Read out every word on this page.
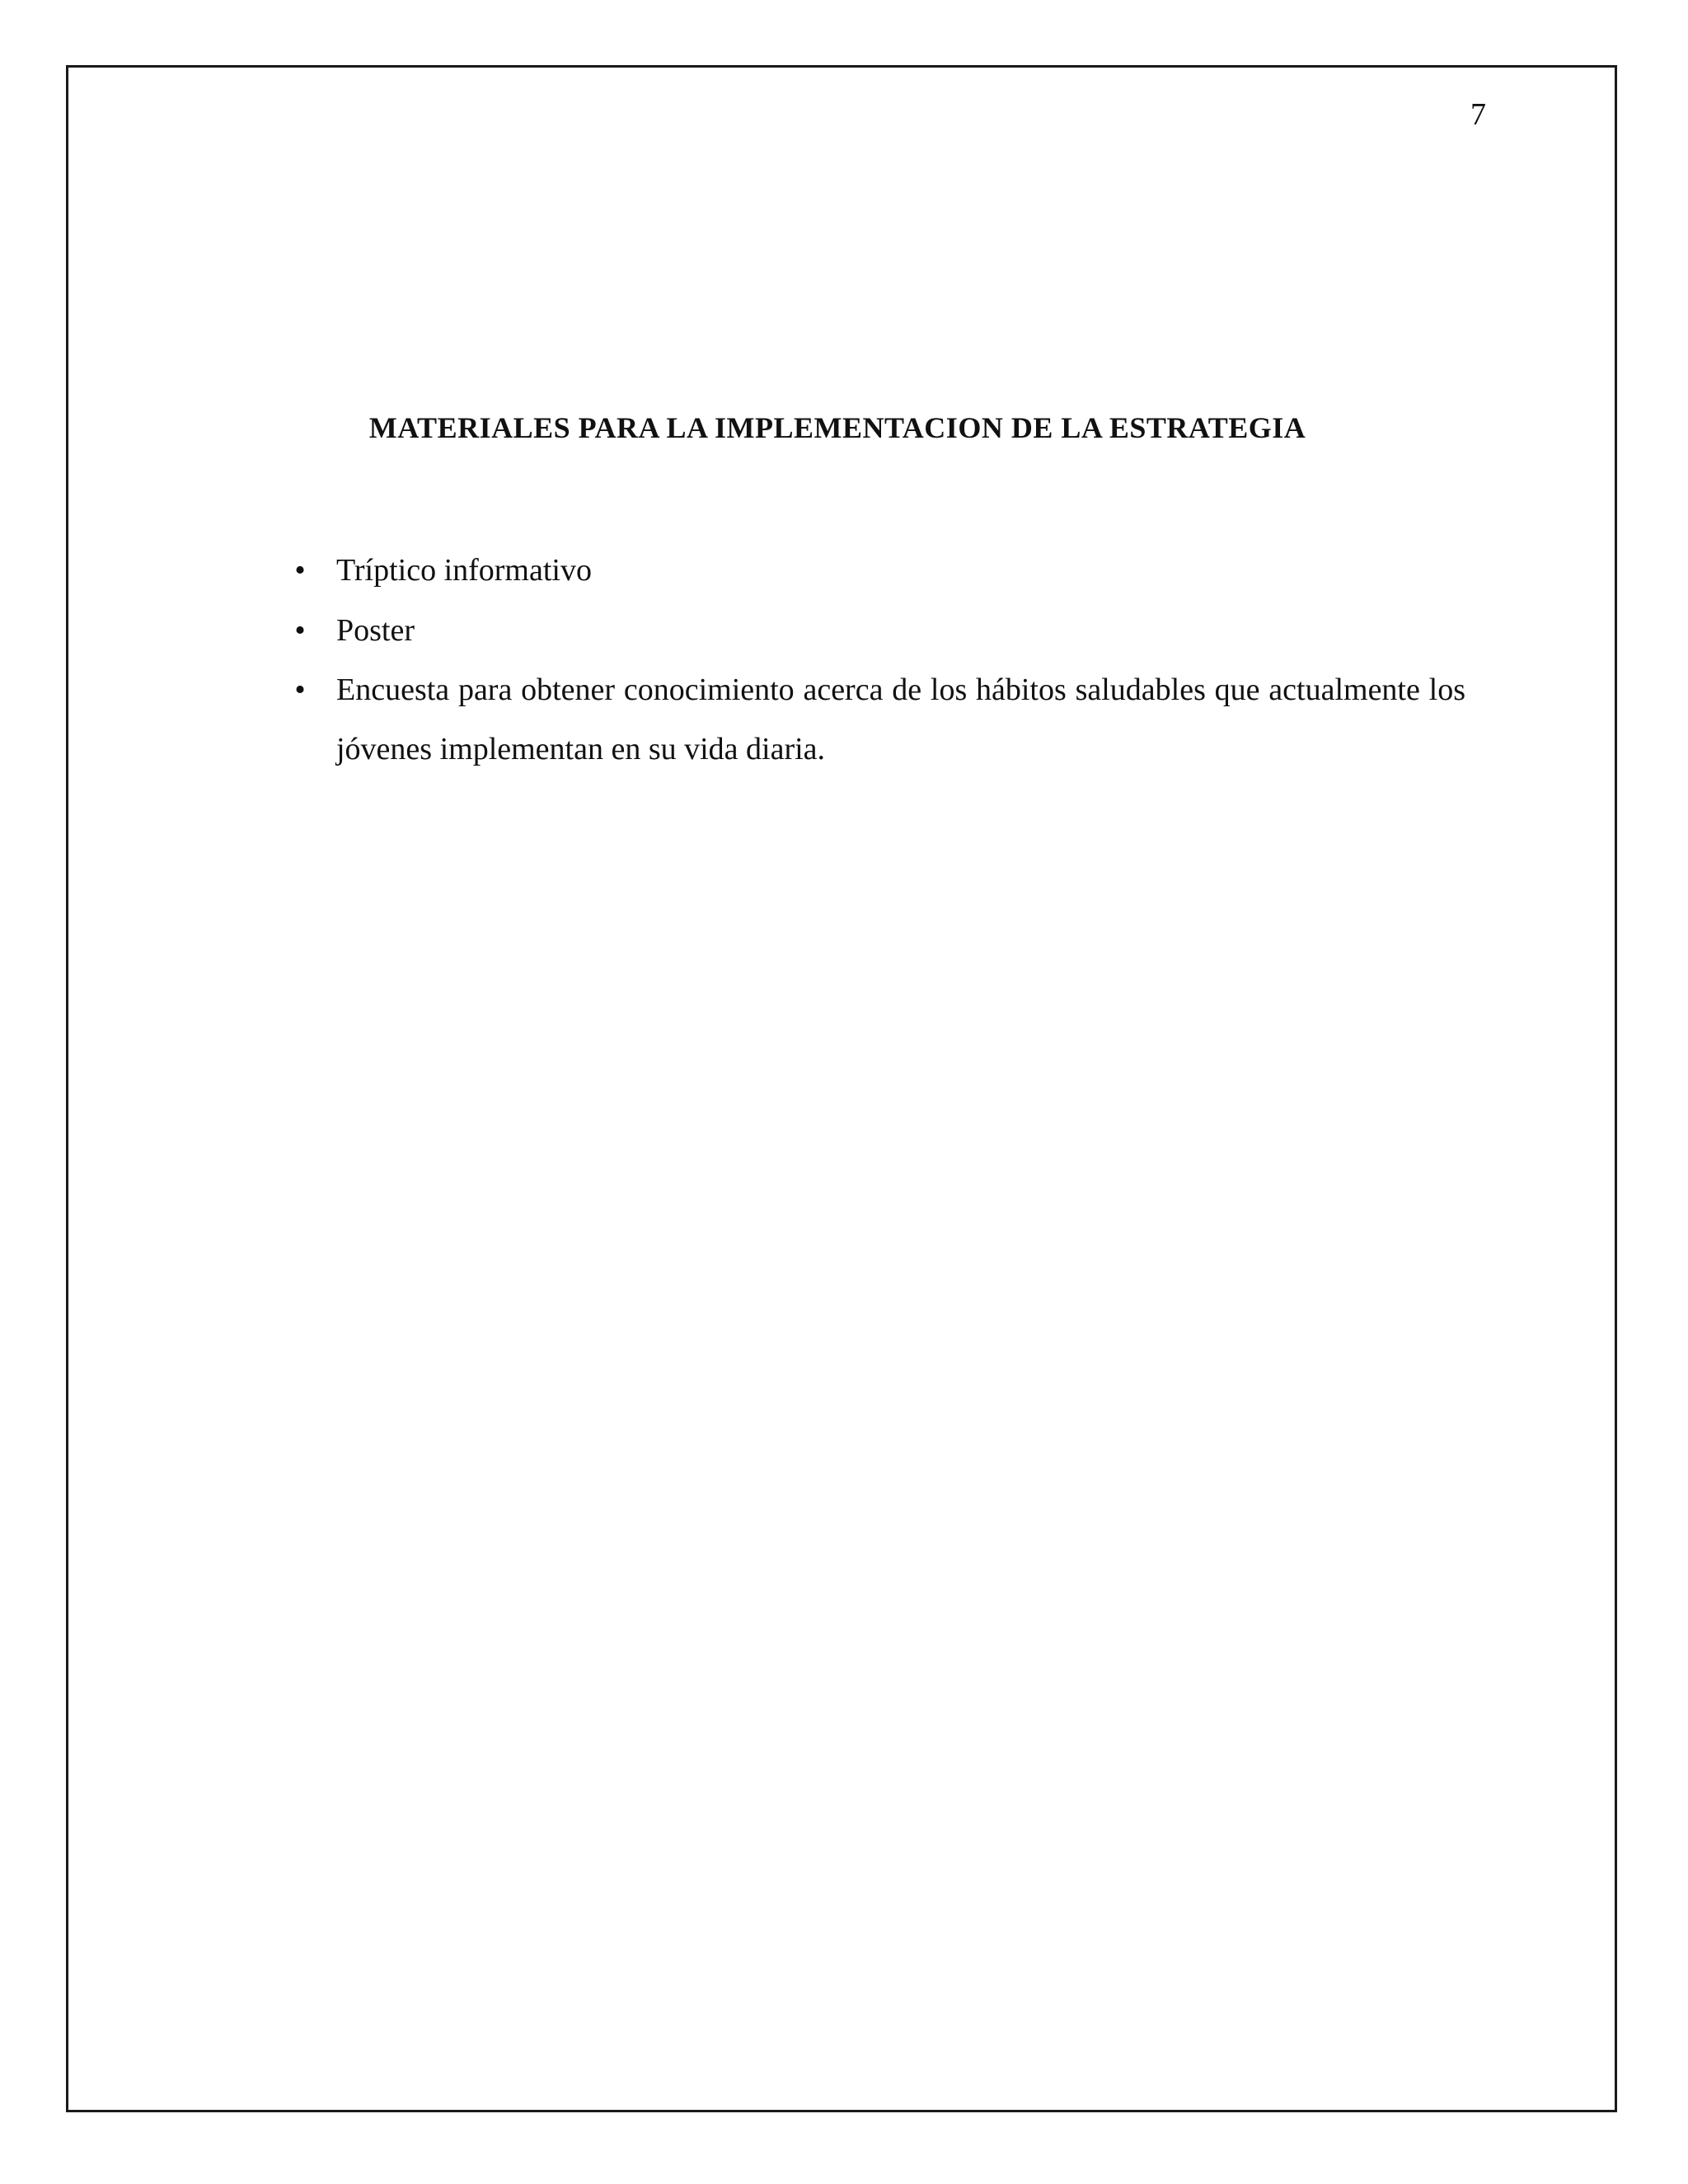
7
MATERIALES PARA LA IMPLEMENTACION DE LA ESTRATEGIA
• Tríptico informativo
• Poster
• Encuesta para obtener conocimiento acerca de los hábitos saludables que actualmente los jóvenes implementan en su vida diaria.
